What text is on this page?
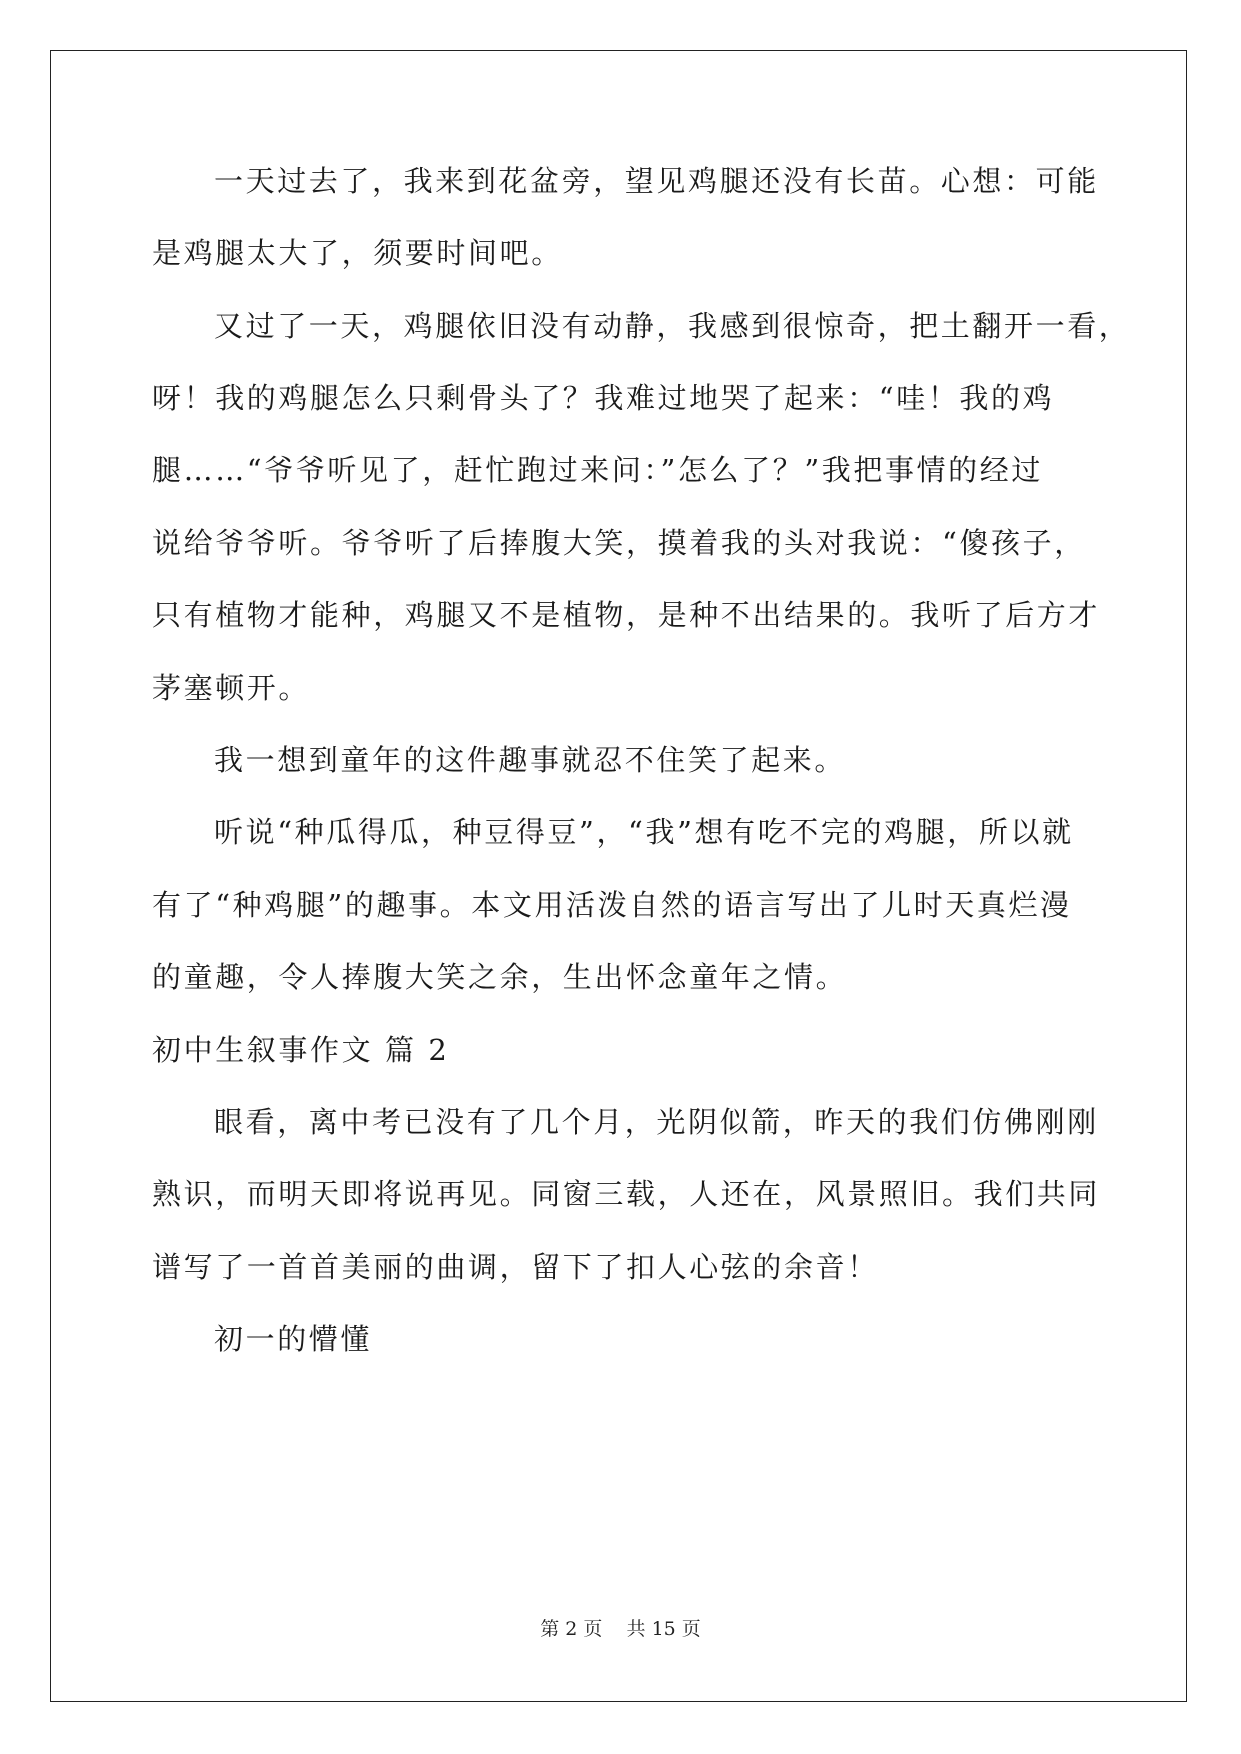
一天过去了，我来到花盆旁，望见鸡腿还没有长苗。心想：可能
是鸡腿太大了，须要时间吧。
又过了一天，鸡腿依旧没有动静，我感到很惊奇，把土翻开一看，
呀！我的鸡腿怎么只剩骨头了？我难过地哭了起来：“哇！我的鸡
腿……“爷爷听见了，赶忙跑过来问：”怎么了？”我把事情的经过
说给爷爷听。爷爷听了后捧腹大笑，摸着我的头对我说：“傻孩子，
只有植物才能种，鸡腿又不是植物，是种不出结果的。我听了后方才
茅塞顿开。
我一想到童年的这件趣事就忍不住笑了起来。
听说“种瓜得瓜，种豆得豆”，“我”想有吃不完的鸡腿，所以就
有了“种鸡腿”的趣事。本文用活泼自然的语言写出了儿时天真烂漫
的童趣，令人捧腹大笑之余，生出怀念童年之情。
初中生叙事作文 篇 2
眼看，离中考已没有了几个月，光阴似箭，昨天的我们仿佛刚刚
熟识，而明天即将说再见。同窗三载，人还在，风景照旧。我们共同
谱写了一首首美丽的曲调，留下了扣人心弦的余音！
初一的懵懂
第 2 页 共 15 页
